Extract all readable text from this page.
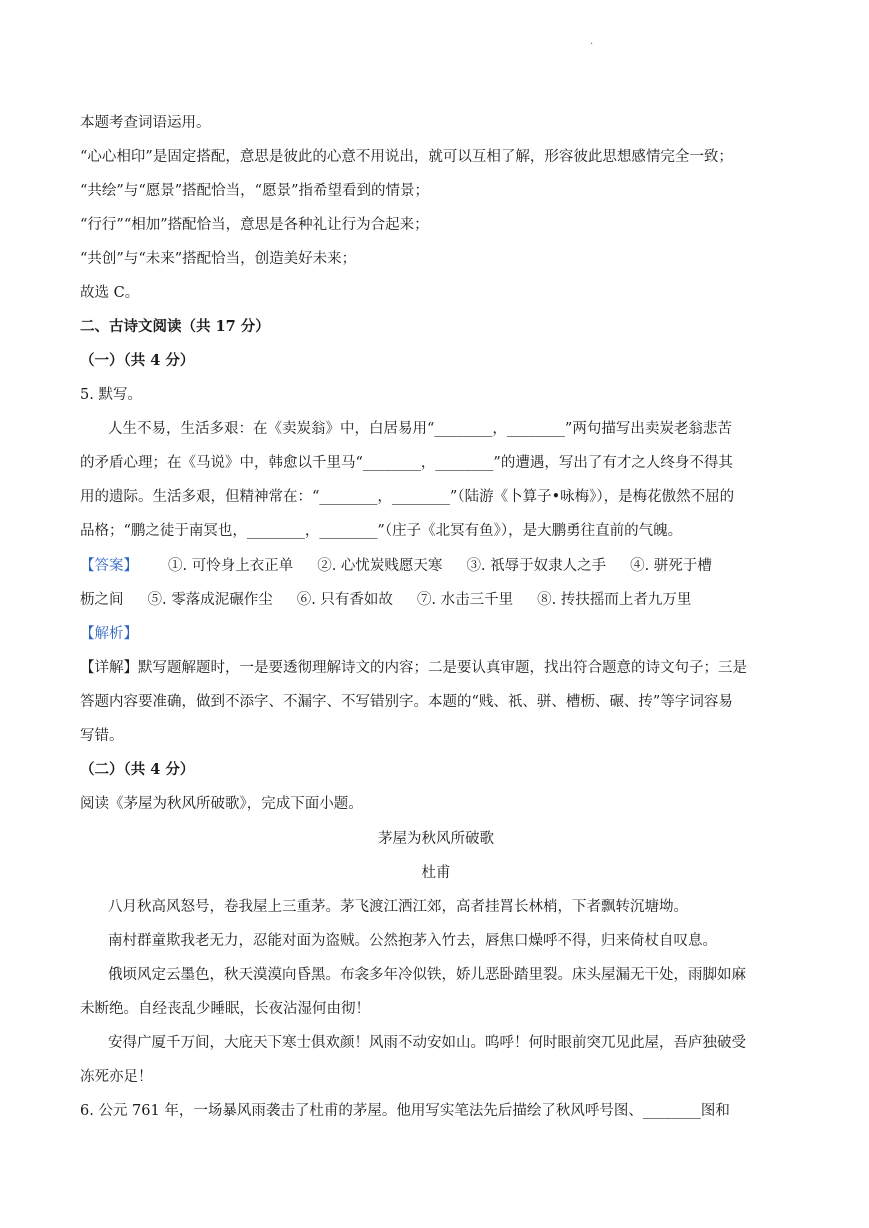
.
本题考查词语运用。
“心心相印”是固定搭配，意思是彼此的心意不用说出，就可以互相了解，形容彼此思想感情完全一致；
“共绘”与“愿景”搭配恰当，“愿景”指希望看到的情景；
“行行”“相加”搭配恰当，意思是各种礼让行为合起来；
“共创”与“未来”搭配恰当，创造美好未来；
故选 C。
二、古诗文阅读（共 17 分）
（一）（共 4 分）
5. 默写。
人生不易，生活多艰：在《卖炭翁》中，白居易用“________，________”两句描写出卖炭老翁悲苦
的矛盾心理；在《马说》中，韩愈以千里马“________，________”的遭遇，写出了有才之人终身不得其
用的遗际。生活多艰，但精神常在：“________，________”（陆游《卜算子•咏梅》），是梅花傲然不屈的
品格；“鹏之徒于南冥也，________，________”（庄子《北冥有鱼》），是大鹏勇往直前的气魄。
【答案】 ①. 可怜身上衣正单 ②. 心忧炭贱愿天寒 ③. 祇辱于奴隶人之手 ④. 骈死于槽
枥之间 ⑤. 零落成泥碾作尘 ⑥. 只有香如故 ⑦. 水击三千里 ⑧. 抟扶摇而上者九万里
【解析】
【详解】默写题解题时，一是要透彻理解诗文的内容；二是要认真审题，找出符合题意的诗文句子；三是
答题内容要准确，做到不添字、不漏字、不写错别字。本题的“贱、祇、骈、槽枥、碾、抟”等字词容易
写错。
（二）（共 4 分）
阅读《茅屋为秋风所破歌》，完成下面小题。
茅屋为秋风所破歌
杜甫
八月秋高风怒号，卷我屋上三重茅。茅飞渡江洒江郊，高者挂罥长林梢，下者飘转沉塘坳。
南村群童欺我老无力，忍能对面为盗贼。公然抱茅入竹去，唇焦口燥呼不得，归来倚杖自叹息。
俄顷风定云墨色，秋天漠漠向昏黑。布衾多年冷似铁，娇儿恶卧踏里裂。床头屋漏无干处，雨脚如麻
未断绝。自经丧乱少睡眠，长夜沾湿何由彻！
安得广厦千万间，大庇天下寒士俱欢颜！风雨不动安如山。呜呼！何时眼前突兀见此屋，吾庐独破受
冻死亦足！
6. 公元 761 年，一场暴风雨袭击了杜甫的茅屋。他用写实笔法先后描绘了秋风呼号图、________图和
